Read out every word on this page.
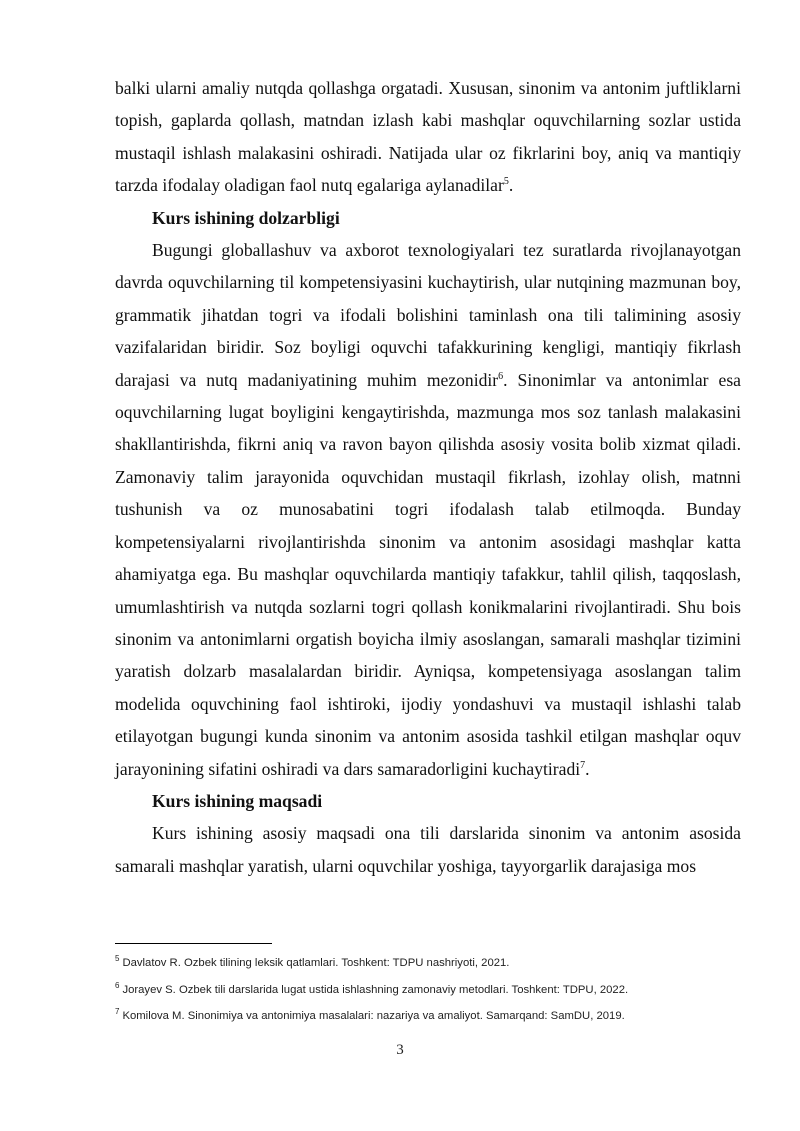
balki ularni amaliy nutqda qollashga orgatadi. Xususan, sinonim va antonim juftliklarni topish, gaplarda qollash, matndan izlash kabi mashqlar oquvchilarning sozlar ustida mustaqil ishlash malakasini oshiradi. Natijada ular oz fikrlarini boy, aniq va mantiqiy tarzda ifodalay oladigan faol nutq egalariga aylanadilar$^5$.

Kurs ishining dolzarbligi

Bugungi globallashuv va axborot texnologiyalari tez suratlarda rivojlanayotgan davrda oquvchilarning til kompetensiyasini kuchaytirish, ular nutqining mazmunan boy, grammatik jihatdan togri va ifodali bolishini taminlash ona tili talimining asosiy vazifalaridan biridir. Soz boyligi oquvchi tafakkurining kengligi, mantiqiy fikrlash darajasi va nutq madaniyatining muhim mezonidir$^6$. Sinonimlar va antonimlar esa oquvchilarning lugat boyligini kengaytirishda, mazmunga mos soz tanlash malakasini shakllantirishda, fikrni aniq va ravon bayon qilishda asosiy vosita bolib xizmat qiladi. Zamonaviy talim jarayonida oquvchidan mustaqil fikrlash, izohlay olish, matnni tushunish va oz munosabatini togri ifodalash talab etilmoqda. Bunday kompetensiyalarni rivojlantirishda sinonim va antonim asosidagi mashqlar katta ahamiyatga ega. Bu mashqlar oquvchilarda mantiqiy tafakkur, tahlil qilish, taqqoslash, umumlashtirish va nutqda sozlarni togri qollash konikmalarini rivojlantiradi. Shu bois sinonim va antonimlarni orgatish boyicha ilmiy asoslangan, samarali mashqlar tizimini yaratish dolzarb masalalardan biridir. Ayniqsa, kompetensiyaga asoslangan talim modelida oquvchining faol ishtiroki, ijodiy yondashuvi va mustaqil ishlashi talab etilayotgan bugungi kunda sinonim va antonim asosida tashkil etilgan mashqlar oquv jarayonining sifatini oshiradi va dars samaradorligini kuchaytiradi$^7$.

Kurs ishining maqsadi

Kurs ishining asosiy maqsadi ona tili darslarida sinonim va antonim asosida samarali mashqlar yaratish, ularni oquvchilar yoshiga, tayyorgarlik darajasiga mos

$^5$ Davlatov R. Ozbek tilining leksik qatlamlari. Toshkent: TDPU nashriyoti, 2021.

$^6$ Jorayev S. Ozbek tili darslarida lugat ustida ishlashning zamonaviy metodlari. Toshkent: TDPU, 2022.

$^7$ Komilova M. Sinonimiya va antonimiya masalalari: nazariya va amaliyot. Samarqand: SamDU, 2019.

3
